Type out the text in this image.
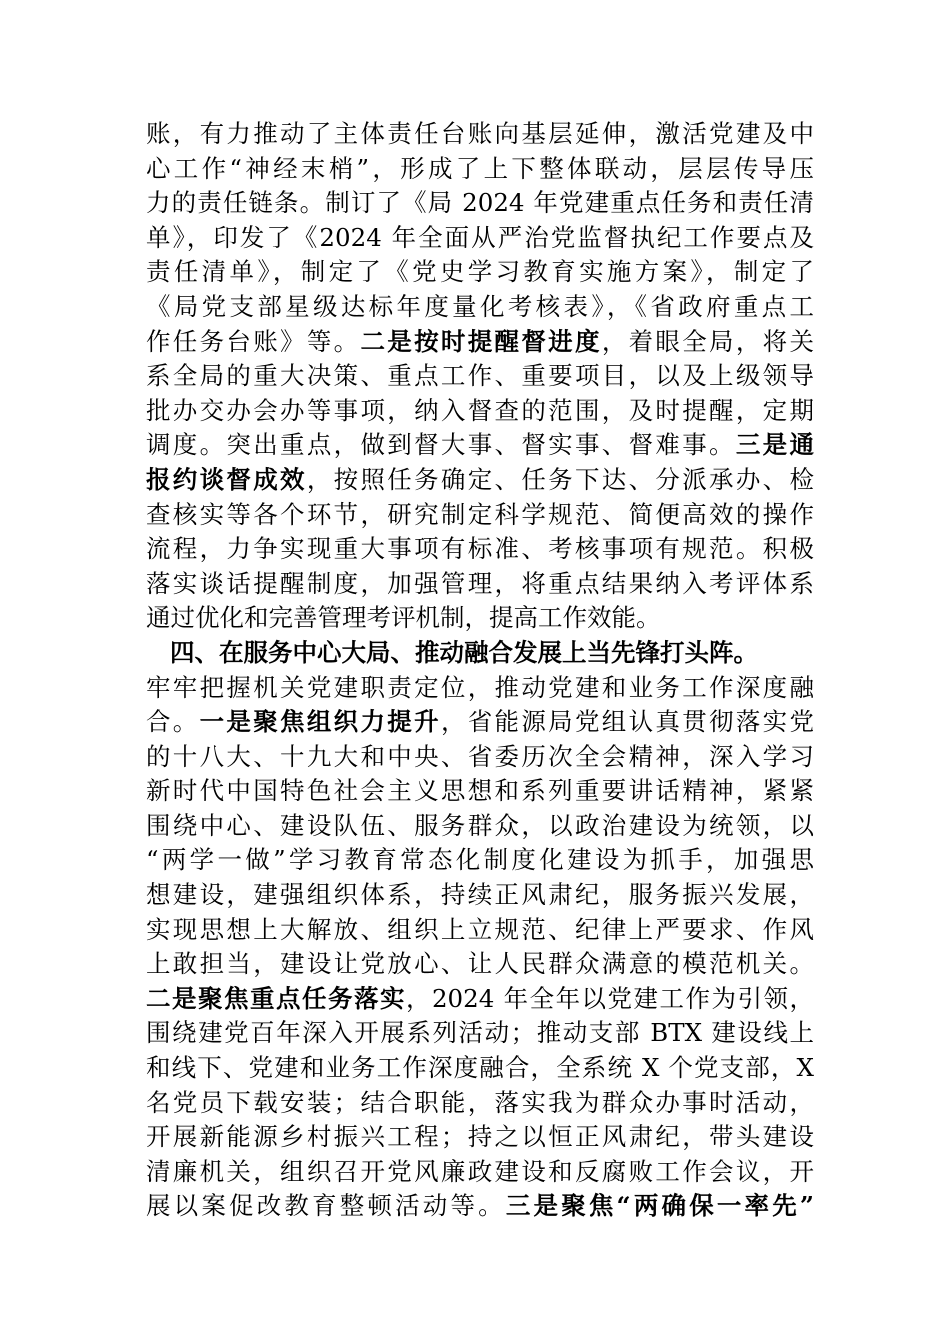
账，有力推动了主体责任台账向基层延伸，激活党建及中
心工作“神经末梢”，形成了上下整体联动，层层传导压
力的责任链条。制订了《局 2024 年党建重点任务和责任清
单》，印发了《2024 年全面从严治党监督执纪工作要点及
责任清单》，制定了《党史学习教育实施方案》，制定了
《局党支部星级达标年度量化考核表》，《省政府重点工
作任务台账》等。二是按时提醒督进度，着眼全局，将关
系全局的重大决策、重点工作、重要项目，以及上级领导
批办交办会办等事项，纳入督查的范围，及时提醒，定期
调度。突出重点，做到督大事、督实事、督难事。三是通
报约谈督成效，按照任务确定、任务下达、分派承办、检
查核实等各个环节，研究制定科学规范、简便高效的操作
流程，力争实现重大事项有标准、考核事项有规范。积极
落实谈话提醒制度，加强管理，将重点结果纳入考评体系
通过优化和完善管理考评机制，提高工作效能。
四、在服务中心大局、推动融合发展上当先锋打头阵。
牢牢把握机关党建职责定位，推动党建和业务工作深度融
合。一是聚焦组织力提升，省能源局党组认真贯彻落实党
的十八大、十九大和中央、省委历次全会精神，深入学习
新时代中国特色社会主义思想和系列重要讲话精神，紧紧
围绕中心、建设队伍、服务群众，以政治建设为统领，以
“两学一做”学习教育常态化制度化建设为抓手，加强思
想建设，建强组织体系，持续正风肃纪，服务振兴发展，
实现思想上大解放、组织上立规范、纪律上严要求、作风
上敢担当，建设让党放心、让人民群众满意的模范机关。
二是聚焦重点任务落实，2024 年全年以党建工作为引领，
围绕建党百年深入开展系列活动；推动支部 BTX 建设线上
和线下、党建和业务工作深度融合，全系统 X 个党支部，X
名党员下载安装；结合职能，落实我为群众办事时活动，
开展新能源乡村振兴工程；持之以恒正风肃纪，带头建设
清廉机关，组织召开党风廉政建设和反腐败工作会议，开
展以案促改教育整顿活动等。三是聚焦“两确保一率先”
